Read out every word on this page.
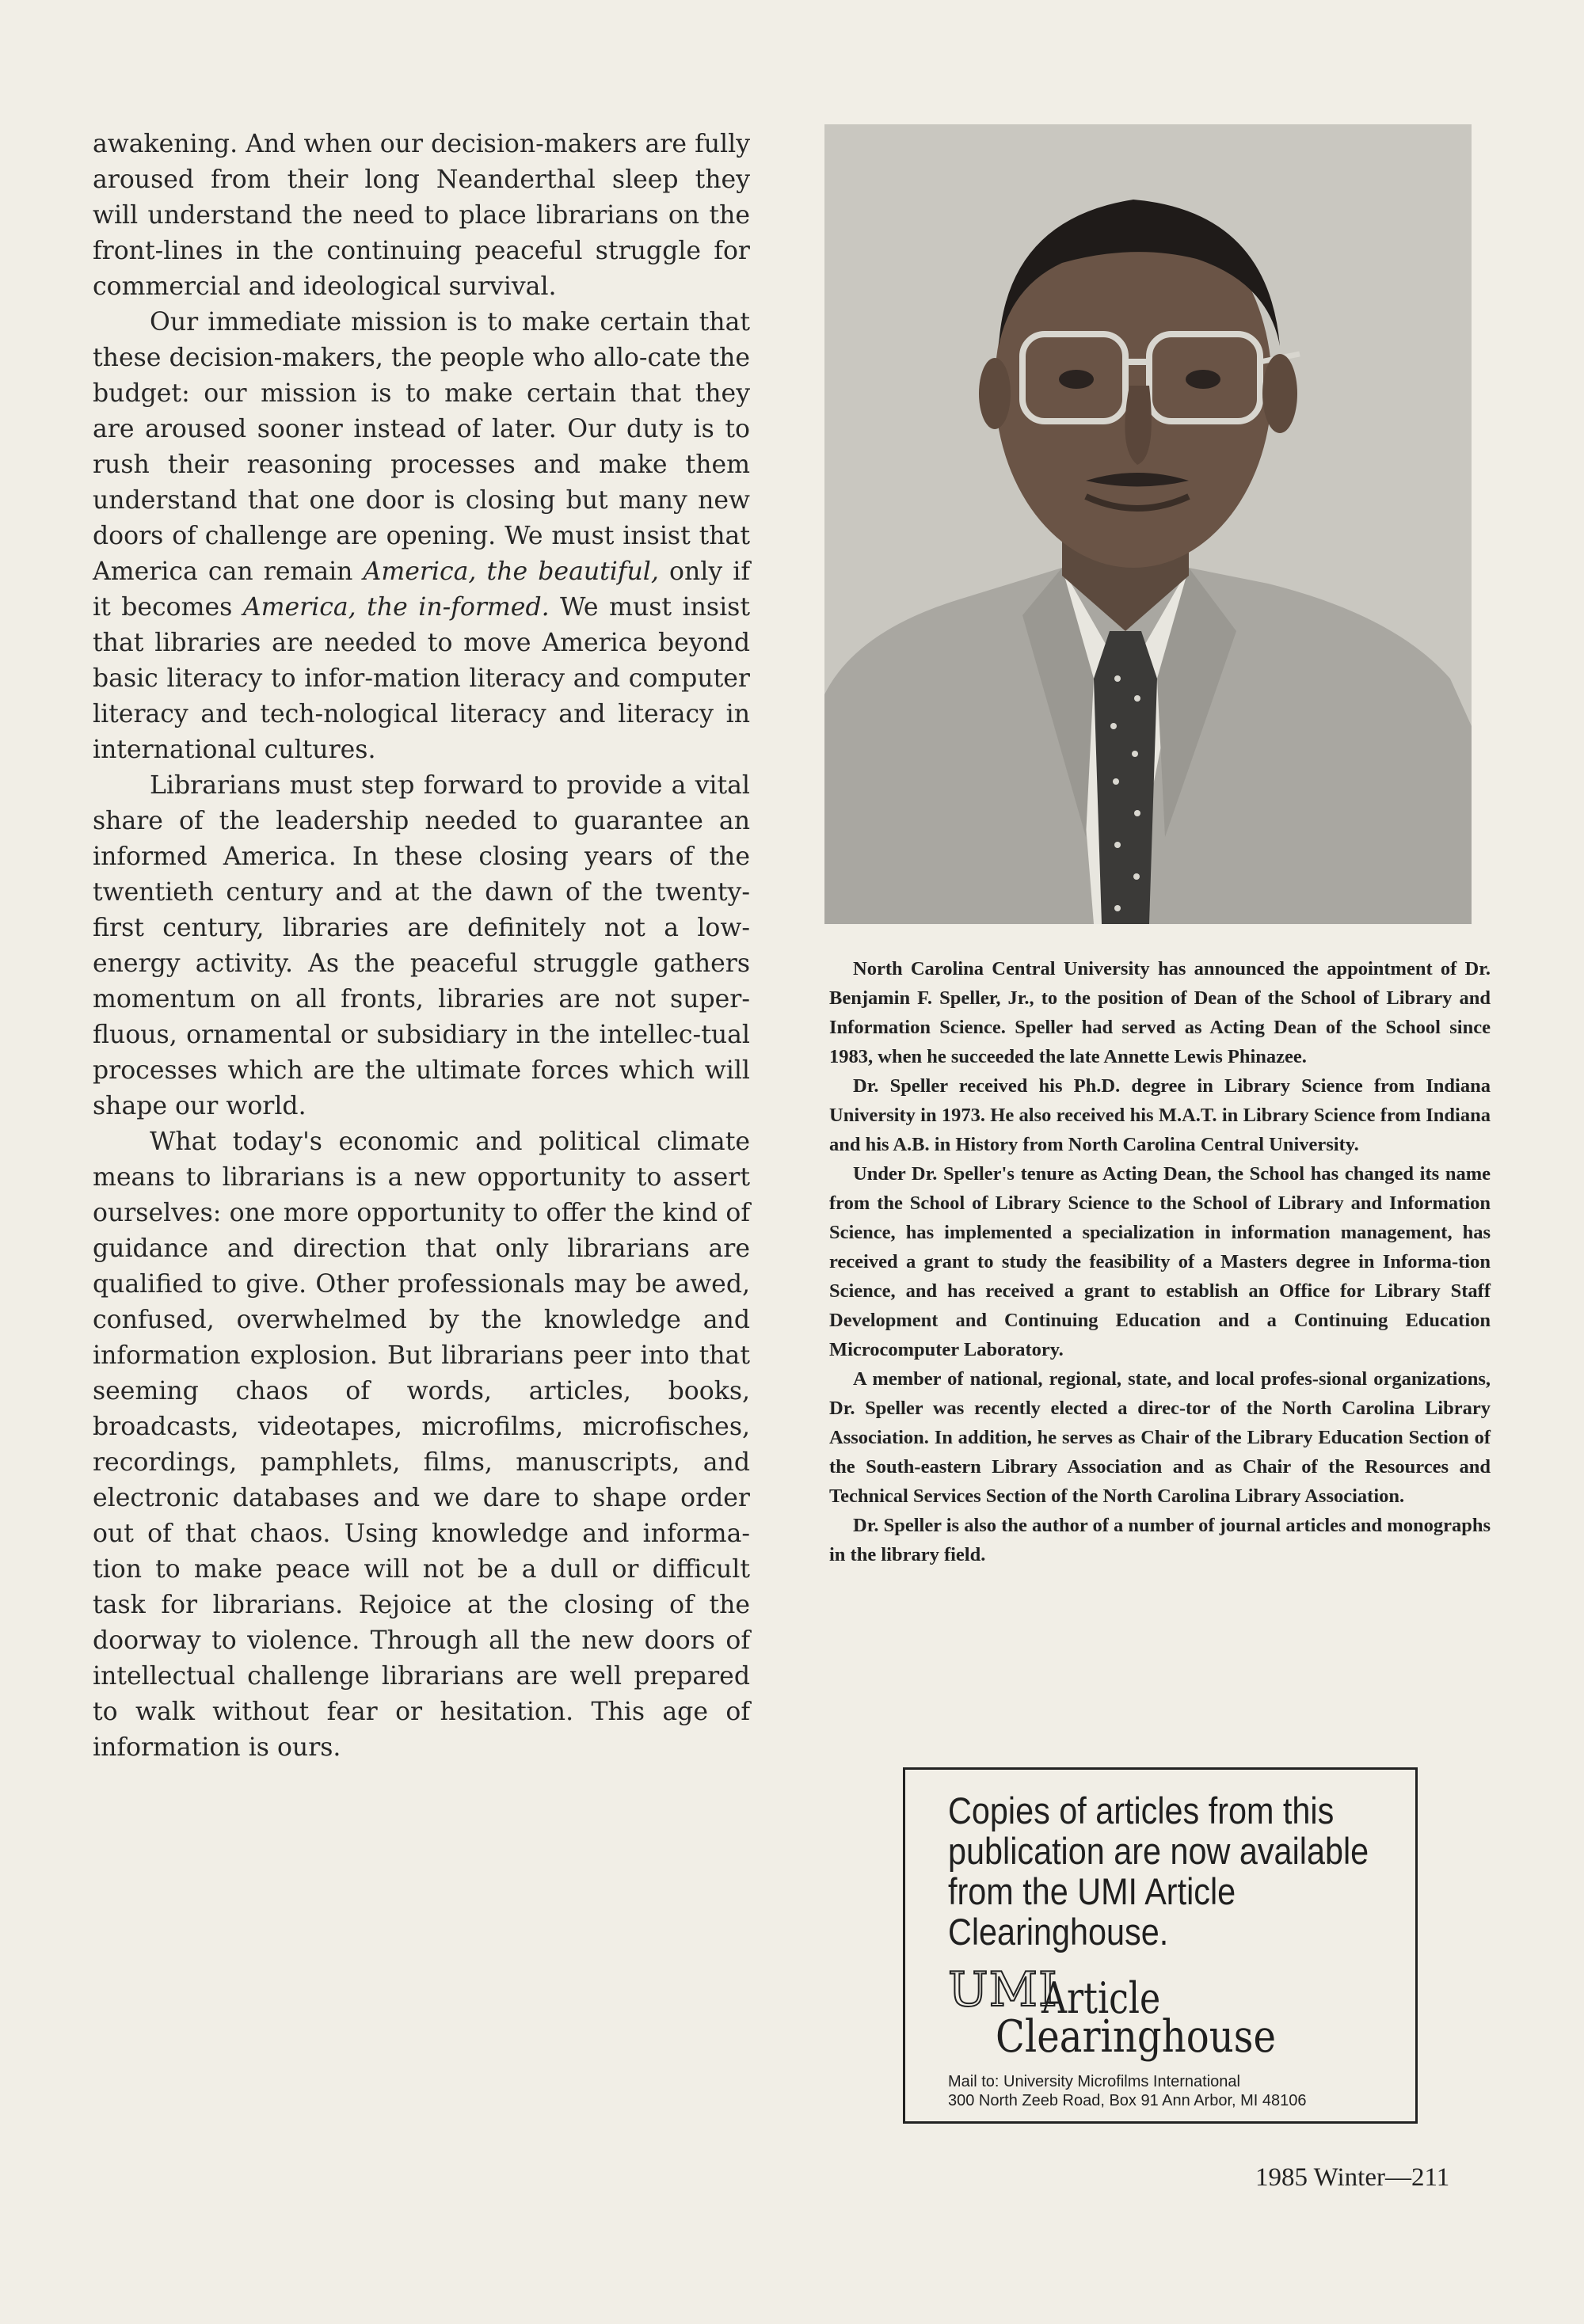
awakening. And when our decision-makers are fully aroused from their long Neanderthal sleep they will understand the need to place librarians on the front-lines in the continuing peaceful struggle for commercial and ideological survival.

Our immediate mission is to make certain that these decision-makers, the people who allo-cate the budget: our mission is to make certain that they are aroused sooner instead of later. Our duty is to rush their reasoning processes and make them understand that one door is closing but many new doors of challenge are opening. We must insist that America can remain America, the beautiful, only if it becomes America, the in-formed. We must insist that libraries are needed to move America beyond basic literacy to infor-mation literacy and computer literacy and tech-nological literacy and literacy in international cultures.

Librarians must step forward to provide a vital share of the leadership needed to guarantee an informed America. In these closing years of the twentieth century and at the dawn of the twenty-first century, libraries are definitely not a low-energy activity. As the peaceful struggle gathers momentum on all fronts, libraries are not super-fluous, ornamental or subsidiary in the intellec-tual processes which are the ultimate forces which will shape our world.

What today's economic and political climate means to librarians is a new opportunity to assert ourselves: one more opportunity to offer the kind of guidance and direction that only librarians are qualified to give. Other professionals may be awed, confused, overwhelmed by the knowledge and information explosion. But librarians peer into that seeming chaos of words, articles, books, broadcasts, videotapes, microfilms, microfisches, recordings, pamphlets, films, manuscripts, and electronic databases and we dare to shape order out of that chaos. Using knowledge and informa-tion to make peace will not be a dull or difficult task for librarians. Rejoice at the closing of the doorway to violence. Through all the new doors of intellectual challenge librarians are well prepared to walk without fear or hesitation. This age of information is ours.

North Carolina Central University has announced the appointment of Dr. Benjamin F. Speller, Jr., to the position of Dean of the School of Library and Information Science. Speller had served as Acting Dean of the School since 1983, when he succeeded the late Annette Lewis Phinazee.

Dr. Speller received his Ph.D. degree in Library Science from Indiana University in 1973. He also received his M.A.T. in Library Science from Indiana and his A.B. in History from North Carolina Central University.

Under Dr. Speller's tenure as Acting Dean, the School has changed its name from the School of Library Science to the School of Library and Information Science, has implemented a specialization in information management, has received a grant to study the feasibility of a Masters degree in Informa-tion Science, and has received a grant to establish an Office for Library Staff Development and Continuing Education and a Continuing Education Microcomputer Laboratory.

A member of national, regional, state, and local profes-sional organizations, Dr. Speller was recently elected a direc-tor of the North Carolina Library Association. In addition, he serves as Chair of the Library Education Section of the South-eastern Library Association and as Chair of the Resources and Technical Services Section of the North Carolina Library Association.

Dr. Speller is also the author of a number of journal articles and monographs in the library field.

Copies of articles from this publication are now available from the UMI Article Clearinghouse.

UMI
Article
Clearinghouse
Mail to: University Microfilms International
300 North Zeeb Road, Box 91 Ann Arbor, MI 48106
1985 Winter—211
